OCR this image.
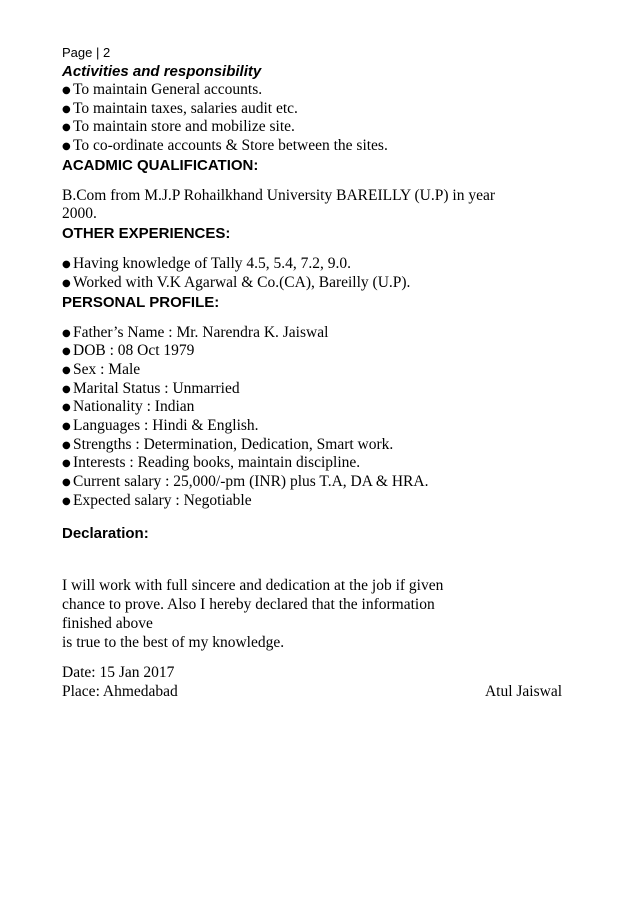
Page | 2
Activities and responsibility
● To maintain General accounts.
● To maintain taxes, salaries audit etc.
● To maintain store and mobilize site.
● To co-ordinate accounts & Store between the sites.
ACADMIC QUALIFICATION:
B.Com from M.J.P Rohailkhand University BAREILLY (U.P) in year
2000.
OTHER EXPERIENCES:
● Having knowledge of Tally 4.5, 5.4, 7.2, 9.0.
● Worked with V.K Agarwal & Co.(CA), Bareilly (U.P).
PERSONAL PROFILE:
● Father’s Name : Mr. Narendra K. Jaiswal
● DOB : 08 Oct 1979
● Sex : Male
● Marital Status : Unmarried
● Nationality : Indian
● Languages : Hindi & English.
● Strengths : Determination, Dedication, Smart work.
● Interests : Reading books, maintain discipline.
● Current salary : 25,000/-pm (INR) plus T.A, DA & HRA.
● Expected salary : Negotiable
Declaration:
I will work with full sincere and dedication at the job if given
chance to prove. Also I hereby declared that the information
finished above
is true to the best of my knowledge.
Date: 15 Jan 2017
Place: Ahmedabad	Atul Jaiswal
